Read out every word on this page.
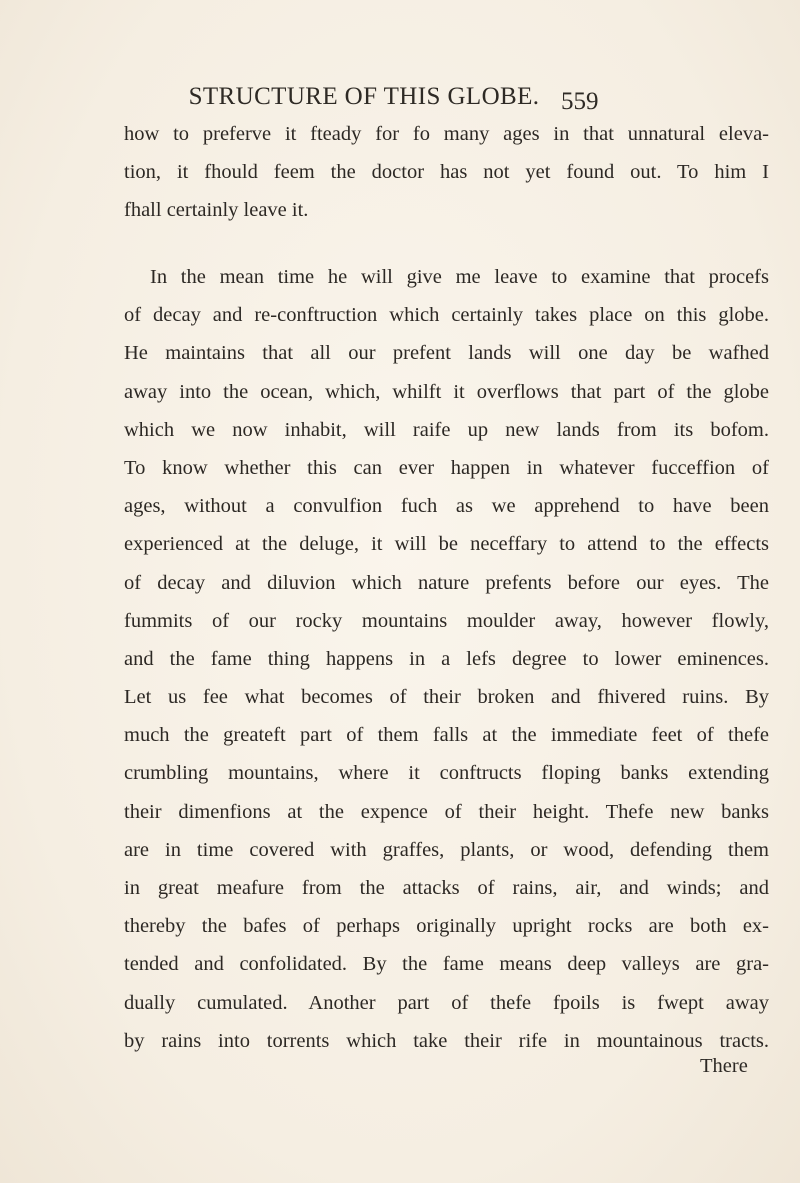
STRUCTURE OF THIS GLOBE. 559
how to preferve it fteady for fo many ages in that unnatural eleva-
tion, it fhould feem the doctor has not yet found out. To him I
fhall certainly leave it.
In the mean time he will give me leave to examine that procefs
of decay and re-conftruction which certainly takes place on this globe.
He maintains that all our prefent lands will one day be wafhed
away into the ocean, which, whilft it overflows that part of the globe
which we now inhabit, will raife up new lands from its bofom.
To know whether this can ever happen in whatever fucceffion of
ages, without a convulfion fuch as we apprehend to have been
experienced at the deluge, it will be neceffary to attend to the effects
of decay and diluvion which nature prefents before our eyes. The
fummits of our rocky mountains moulder away, however flowly,
and the fame thing happens in a lefs degree to lower eminences.
Let us fee what becomes of their broken and fhivered ruins. By
much the greateft part of them falls at the immediate feet of thefe
crumbling mountains, where it conftructs floping banks extending
their dimenfions at the expence of their height. Thefe new banks
are in time covered with graffes, plants, or wood, defending them
in great meafure from the attacks of rains, air, and winds; and
thereby the bafes of perhaps originally upright rocks are both ex-
tended and confolidated. By the fame means deep valleys are gra-
dually cumulated. Another part of thefe fpoils is fwept away
by rains into torrents which take their rife in mountainous tracts.
There
